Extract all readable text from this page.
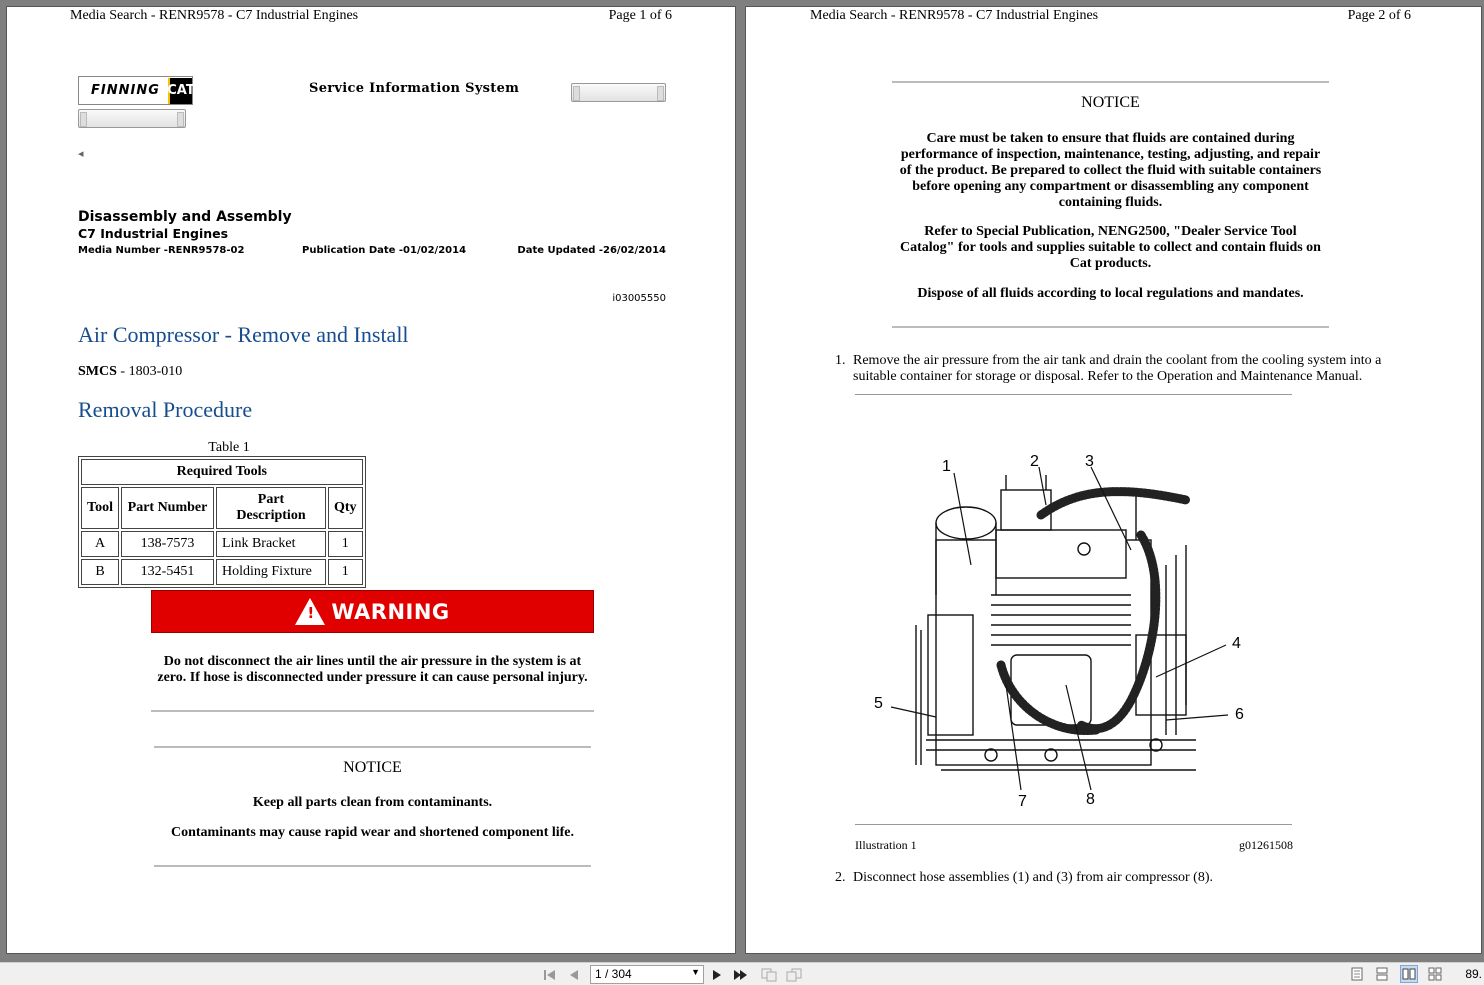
Media Search - RENR9578 - C7 Industrial Engines	Page 1 of 6
FINNING CAT	Service Information System
◂
Disassembly and Assembly
C7 Industrial Engines
Media Number -RENR9578-02	Publication Date -01/02/2014	Date Updated -26/02/2014
i03005550
Air Compressor - Remove and Install
SMCS - 1803-010
Removal Procedure
Table 1
Required Tools			
Tool	Part Number	Part Description	Qty
A	138-7573	Link Bracket	1
B	132-5451	Holding Fixture	1
! WARNING
Do not disconnect the air lines until the air pressure in the system is at
zero. If hose is disconnected under pressure it can cause personal injury.
NOTICE
Keep all parts clean from contaminants.
Contaminants may cause rapid wear and shortened component life.
Media Search - RENR9578 - C7 Industrial Engines	Page 2 of 6
NOTICE
Care must be taken to ensure that fluids are contained during
performance of inspection, maintenance, testing, adjusting, and repair
of the product. Be prepared to collect the fluid with suitable containers
before opening any compartment or disassembling any component
containing fluids.
Refer to Special Publication, NENG2500, "Dealer Service Tool
Catalog" for tools and supplies suitable to collect and contain fluids on
Cat products.
Dispose of all fluids according to local regulations and mandates.
1. Remove the air pressure from the air tank and drain the coolant from the cooling system into a
suitable container for storage or disposal. Refer to the Operation and Maintenance Manual.
1	2	3
4
5
6
7	8
Illustration 1	g01261508
2. Disconnect hose assemblies (1) and (3) from air compressor (8).
1 / 304	▼	89.
